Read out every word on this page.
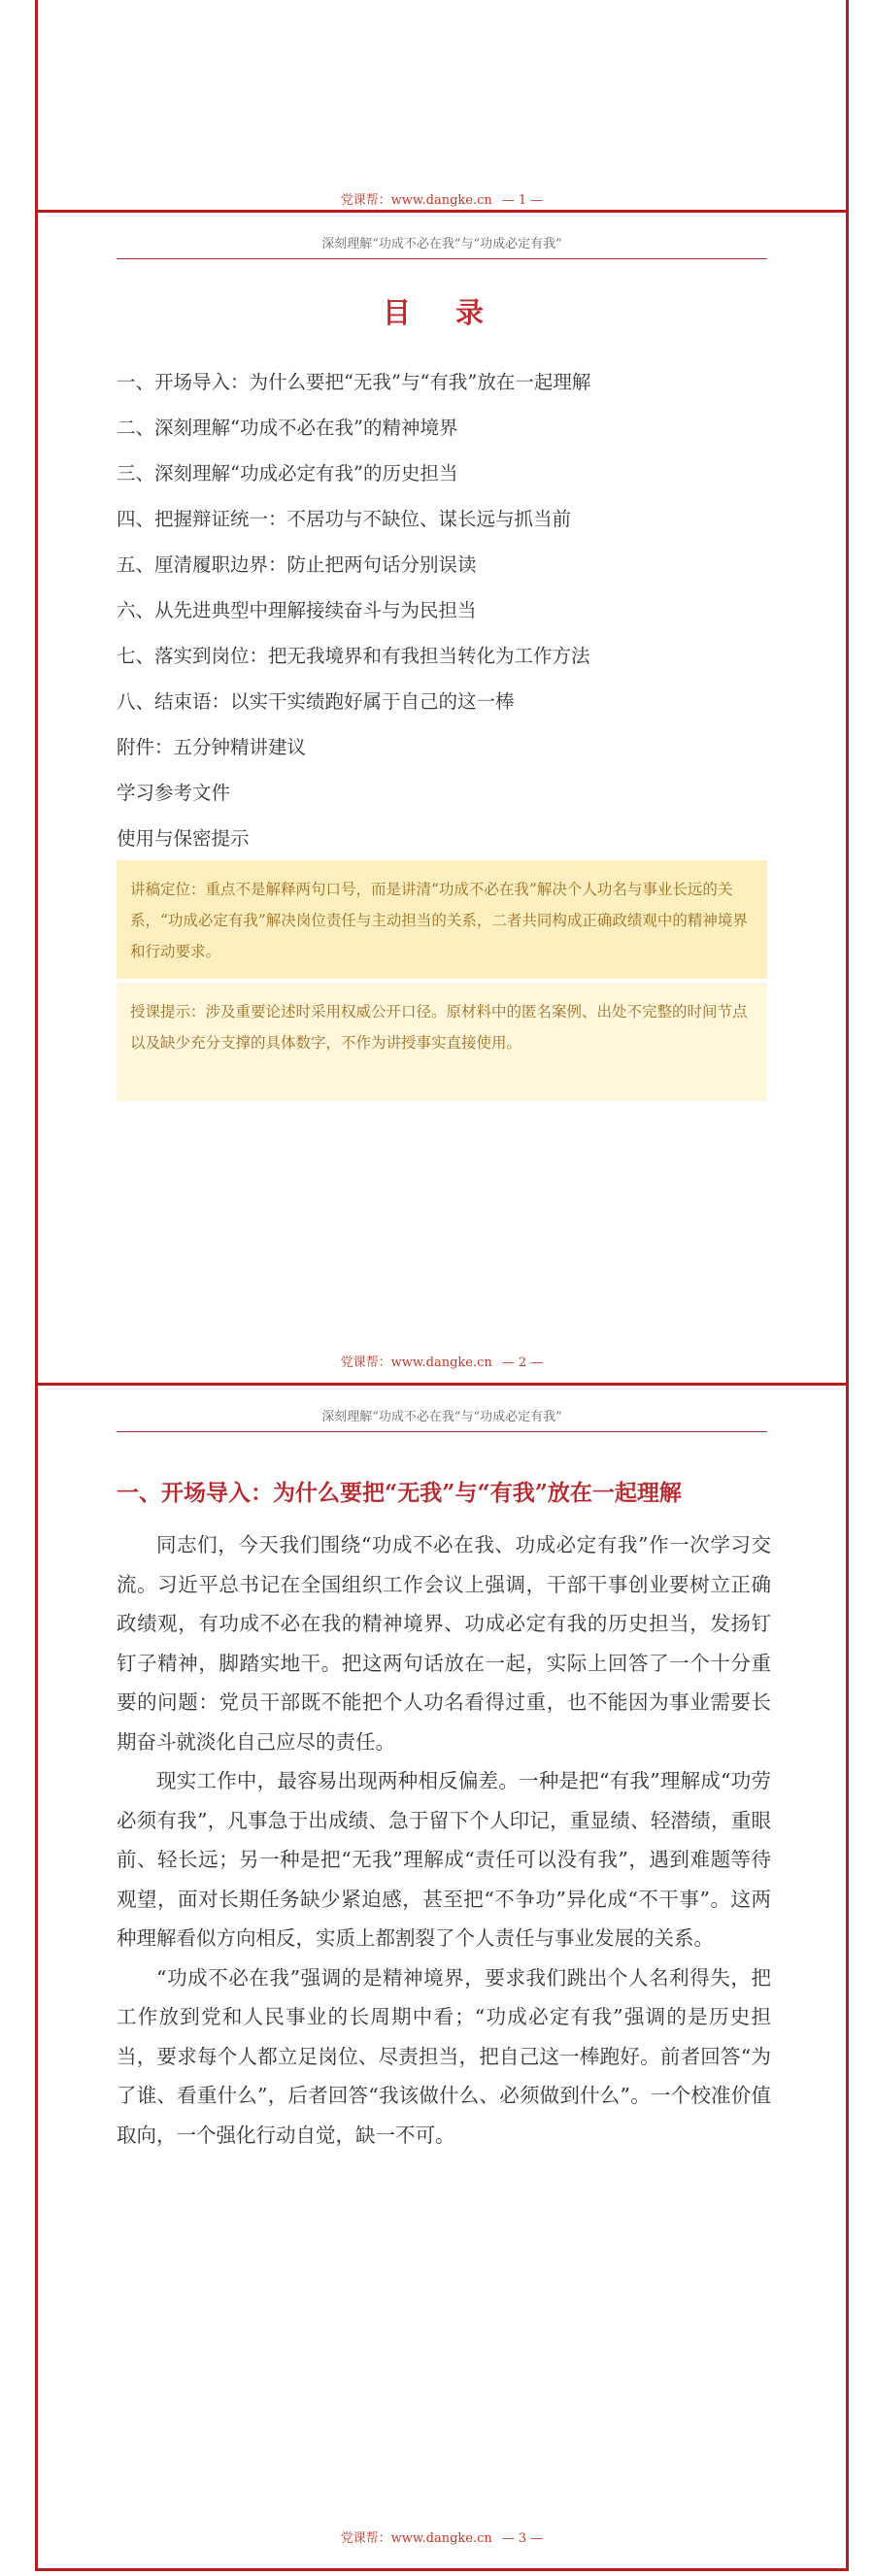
党课帮：www.dangke.cn — 1 —
深刻理解“功成不必在我”与“功成必定有我”
目 录
一、开场导入：为什么要把“无我”与“有我”放在一起理解
二、深刻理解“功成不必在我”的精神境界
三、深刻理解“功成必定有我”的历史担当
四、把握辩证统一：不居功与不缺位、谋长远与抓当前
五、厘清履职边界：防止把两句话分别误读
六、从先进典型中理解接续奋斗与为民担当
七、落实到岗位：把无我境界和有我担当转化为工作方法
八、结束语：以实干实绩跑好属于自己的这一棒
附件：五分钟精讲建议
学习参考文件
使用与保密提示
讲稿定位：重点不是解释两句口号，而是讲清“功成不必在我”解决个人功名与事业长远的关系，“功成必定有我”解决岗位责任与主动担当的关系，二者共同构成正确政绩观中的精神境界和行动要求。
授课提示：涉及重要论述时采用权威公开口径。原材料中的匿名案例、出处不完整的时间节点以及缺少充分支撑的具体数字，不作为讲授事实直接使用。
党课帮：www.dangke.cn — 2 —
深刻理解“功成不必在我”与“功成必定有我”
一、开场导入：为什么要把“无我”与“有我”放在一起理解

同志们，今天我们围绕“功成不必在我、功成必定有我”作一次学习交流。习近平总书记在全国组织工作会议上强调，干部干事创业要树立正确政绩观，有功成不必在我的精神境界、功成必定有我的历史担当，发扬钉钉子精神，脚踏实地干。把这两句话放在一起，实际上回答了一个十分重要的问题：党员干部既不能把个人功名看得过重，也不能因为事业需要长期奋斗就淡化自己应尽的责任。

现实工作中，最容易出现两种相反偏差。一种是把“有我”理解成“功劳必须有我”，凡事急于出成绩、急于留下个人印记，重显绩、轻潜绩，重眼前、轻长远；另一种是把“无我”理解成“责任可以没有我”，遇到难题等待观望，面对长期任务缺少紧迫感，甚至把“不争功”异化成“不干事”。这两种理解看似方向相反，实质上都割裂了个人责任与事业发展的关系。

“功成不必在我”强调的是精神境界，要求我们跳出个人名利得失，把工作放到党和人民事业的长周期中看；“功成必定有我”强调的是历史担当，要求每个人都立足岗位、尽责担当，把自己这一棒跑好。前者回答“为了谁、看重什么”，后者回答“我该做什么、必须做到什么”。一个校准价值取向，一个强化行动自觉，缺一不可。

党课帮：www.dangke.cn — 3 —
